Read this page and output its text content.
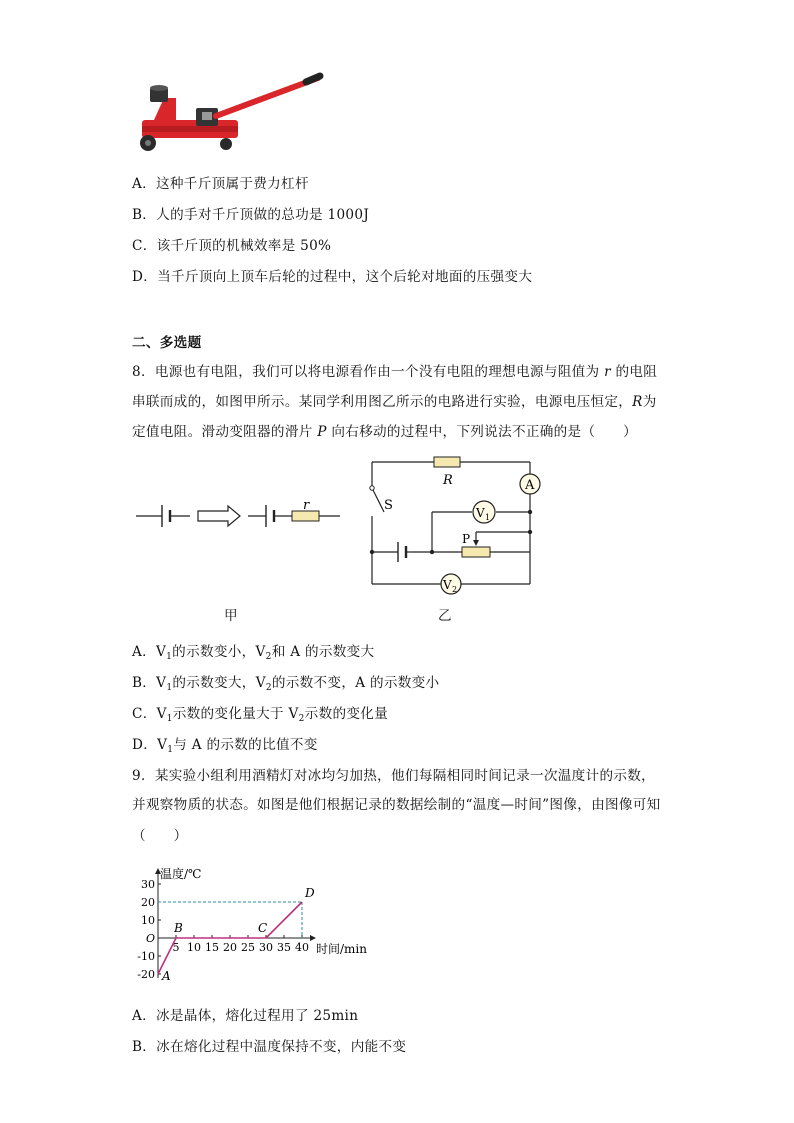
A．这种千斤顶属于费力杠杆
B．人的手对千斤顶做的总功是 1000J
C．该千斤顶的机械效率是 50%
D．当千斤顶向上顶车后轮的过程中，这个后轮对地面的压强变大
二、多选题
8．电源也有电阻，我们可以将电源看作由一个没有电阻的理想电源与阻值为 r 的电阻
串联而成的，如图甲所示。某同学利用图乙所示的电路进行实验，电源电压恒定，R为
定值电阻。滑动变阻器的滑片 P 向右移动的过程中，下列说法不正确的是（　　）
r
甲
R	A
S	V 1
V 2
P
乙
A．$V_1$的示数变小，$V_2$和 A 的示数变大
B．$V_1$的示数变大，$V_2$的示数不变，A 的示数变小
C．$V_1$示数的变化量大于 $V_2$示数的变化量
D．$V_1$与 A 的示数的比值不变
9．某实验小组利用酒精灯对冰均匀加热，他们每隔相同时间记录一次温度计的示数，
并观察物质的状态。如图是他们根据记录的数据绘制的“温度—时间”图像，由图像可知
（　　）
30
20
10
O
-10
-20
5 10 15 20 25 30 35 40
温度/℃
时间/min
A
B	C
D
A．冰是晶体，熔化过程用了 25min
B．冰在熔化过程中温度保持不变，内能不变
